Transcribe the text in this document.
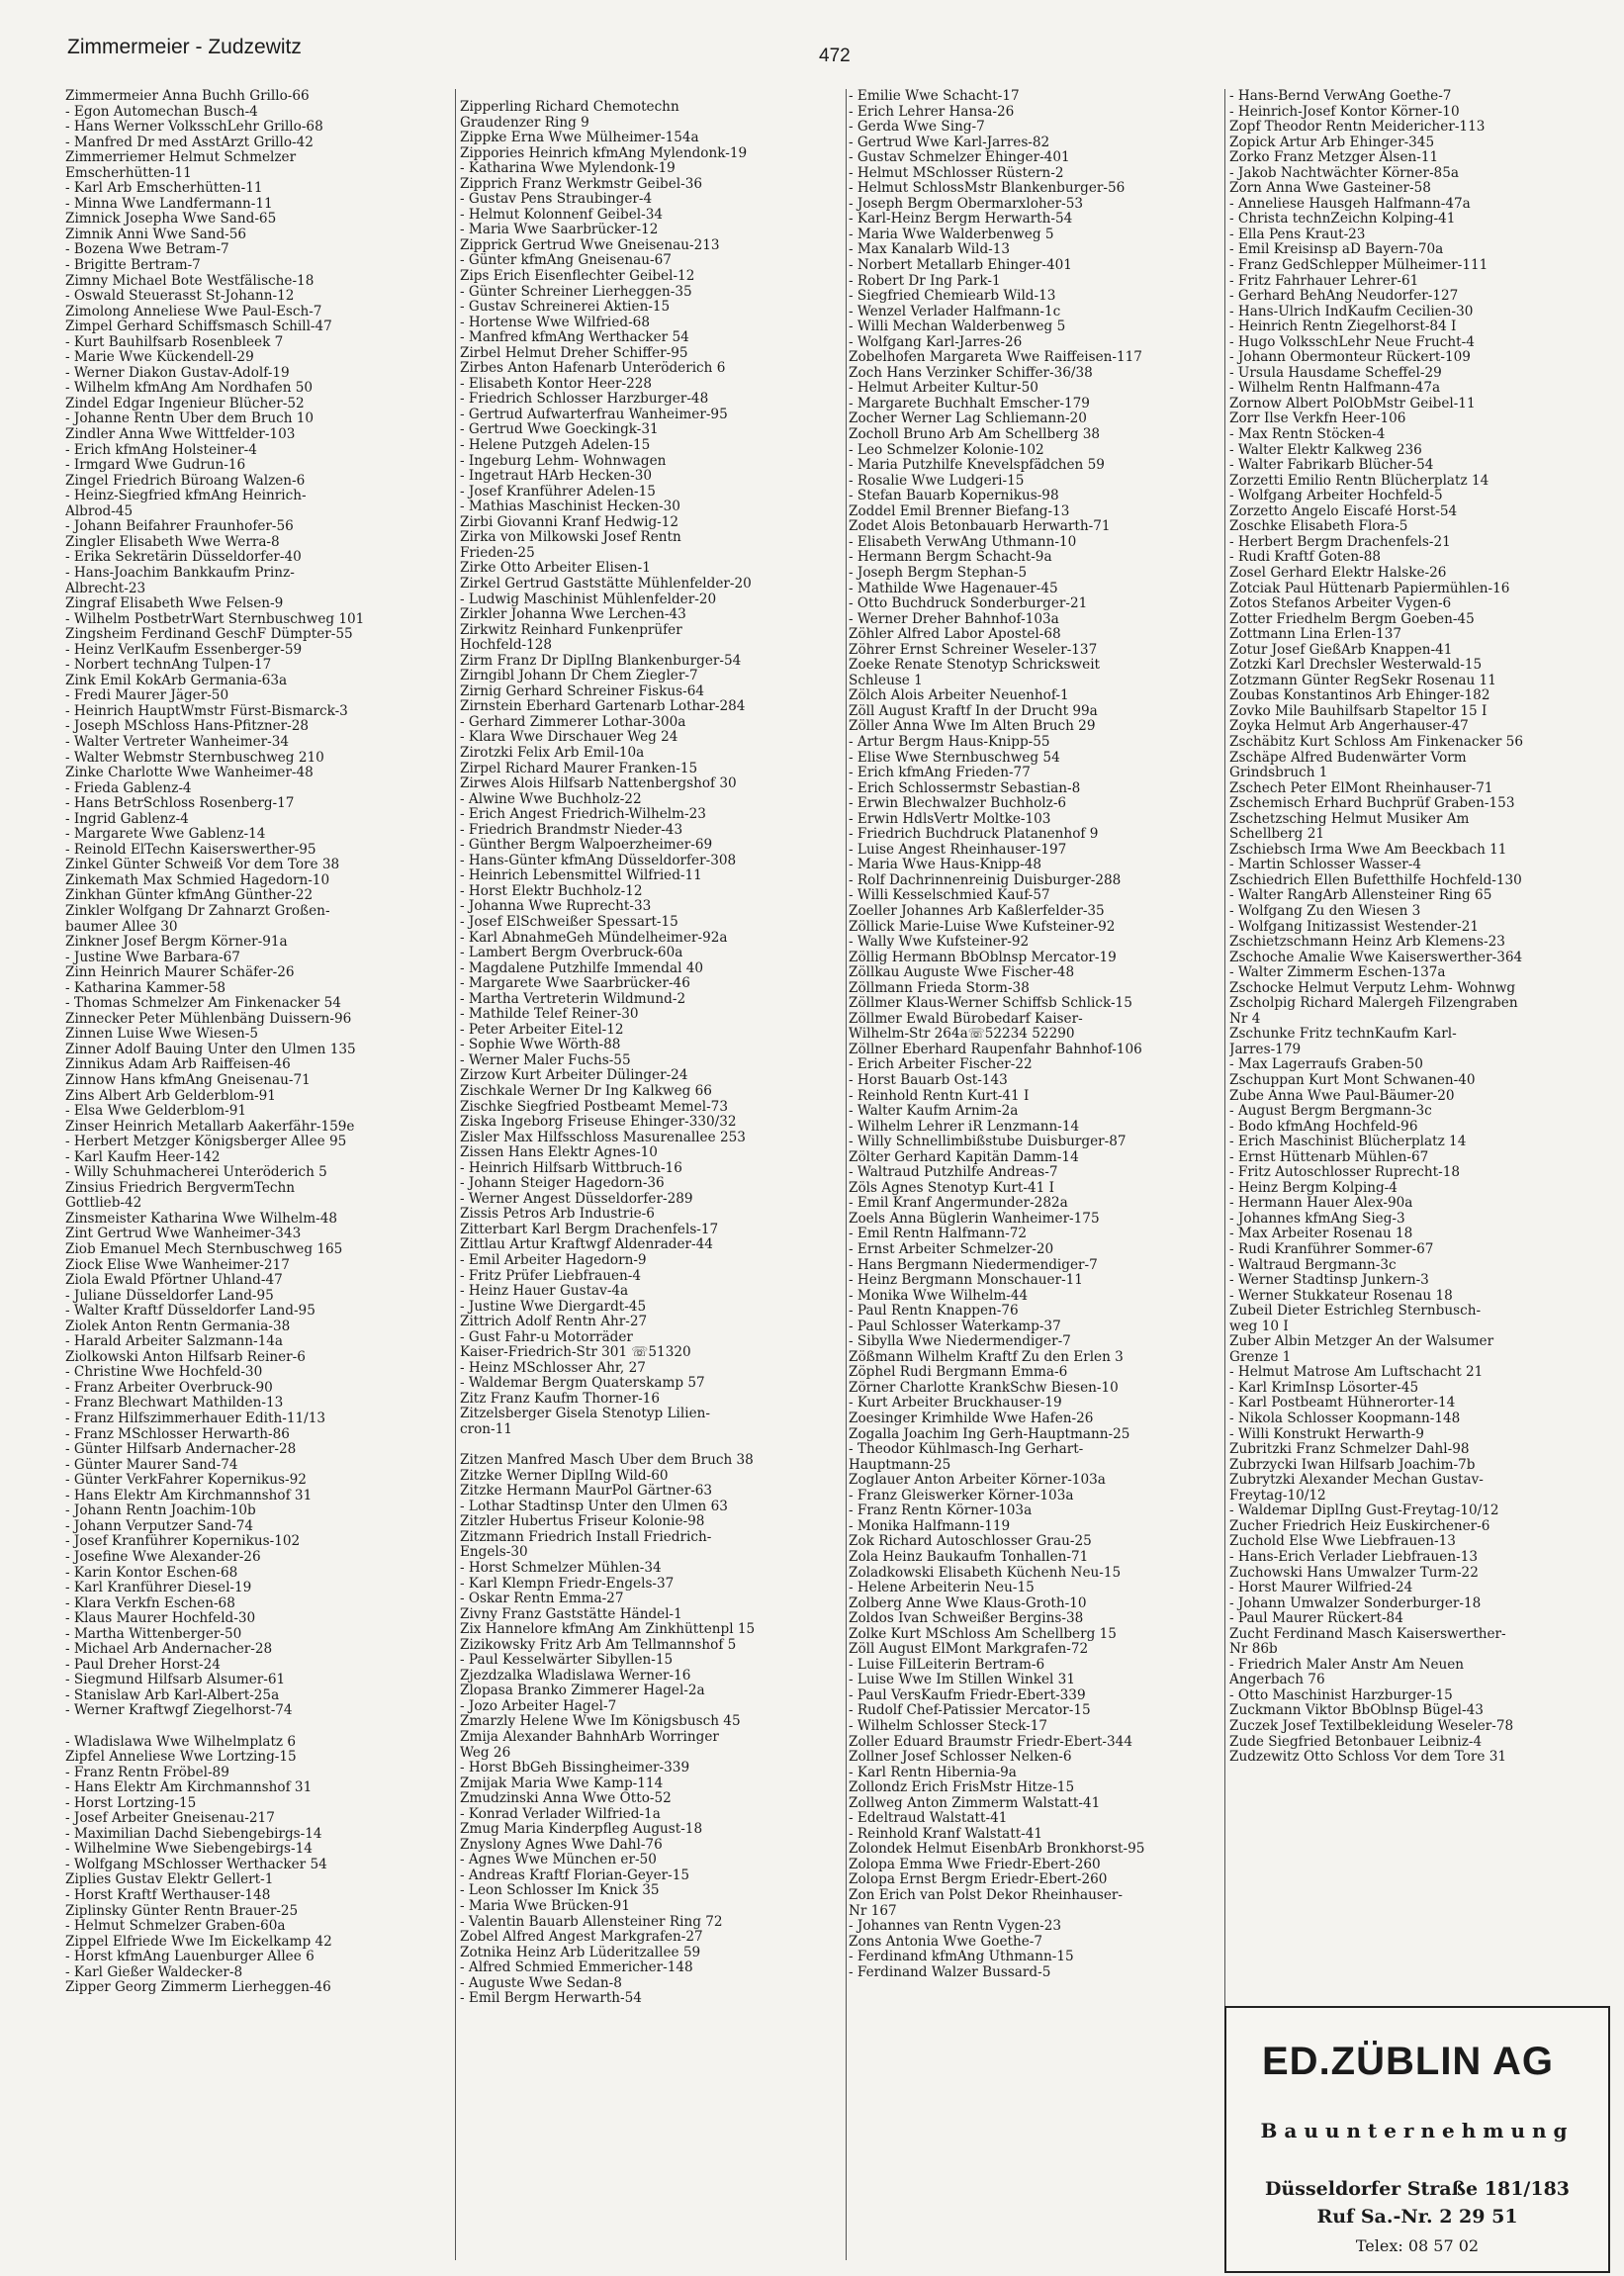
Zimmermeier - Zudzewitz	472
Zimmermeier Anna Buchh Grillo-66
- Egon Automechan Busch-4
- Hans Werner VolksschLehr Grillo-68
- Manfred Dr med AsstArzt Grillo-42
Zimmerriemer Helmut Schmelzer
Emscherhütten-11
- Karl Arb Emscherhütten-11
- Minna Wwe Landfermann-11
Zimnick Josepha Wwe Sand-65
Zimnik Anni Wwe Sand-56
- Bozena Wwe Betram-7
- Brigitte Bertram-7
Zimny Michael Bote Westfälische-18
- Oswald Steuerasst St-Johann-12
Zimolong Anneliese Wwe Paul-Esch-7
Zimpel Gerhard Schiffsmasch Schill-47
- Kurt Bauhilfsarb Rosenbleek 7
- Marie Wwe Kückendell-29
- Werner Diakon Gustav-Adolf-19
- Wilhelm kfmAng Am Nordhafen 50
Zindel Edgar Ingenieur Blücher-52
- Johanne Rentn Über dem Bruch 10
Zindler Anna Wwe Wittfelder-103
- Erich kfmAng Holsteiner-4
- Irmgard Wwe Gudrun-16
Zingel Friedrich Büroang Walzen-6
- Heinz-Siegfried kfmAng Heinrich-
Albrod-45
- Johann Beifahrer Fraunhofer-56
Zingler Elisabeth Wwe Werra-8
- Erika Sekretärin Düsseldorfer-40
- Hans-Joachim Bankkaufm Prinz-
Albrecht-23
Zingraf Elisabeth Wwe Felsen-9
- Wilhelm PostbetrWart Sternbuschweg 101
Zingsheim Ferdinand GeschF Dümpter-55
- Heinz VerlKaufm Essenberger-59
- Norbert technAng Tulpen-17
Zink Emil KokArb Germania-63a
- Fredi Maurer Jäger-50
- Heinrich HauptWmstr Fürst-Bismarck-3
- Joseph MSchloss Hans-Pfitzner-28
- Walter Vertreter Wanheimer-34
- Walter Webmstr Sternbuschweg 210
Zinke Charlotte Wwe Wanheimer-48
- Frieda Gablenz-4
- Hans BetrSchloss Rosenberg-17
- Ingrid Gablenz-4
- Margarete Wwe Gablenz-14
- Reinold ElTechn Kaiserswerther-95
Zinkel Günter Schweiß Vor dem Tore 38
Zinkemath Max Schmied Hagedorn-10
Zinkhan Günter kfmAng Günther-22
Zinkler Wolfgang Dr Zahnarzt Großen-
baumer Allee 30
Zinkner Josef Bergm Körner-91a
- Justine Wwe Barbara-67
Zinn Heinrich Maurer Schäfer-26
- Katharina Kammer-58
- Thomas Schmelzer Am Finkenacker 54
Zinnecker Peter Mühlenbäng Duissern-96
Zinnen Luise Wwe Wiesen-5
Zinner Adolf Bauing Unter den Ulmen 135
Zinnikus Adam Arb Raiffeisen-46
Zinnow Hans kfmAng Gneisenau-71
Zins Albert Arb Gelderblom-91
- Elsa Wwe Gelderblom-91
Zinser Heinrich Metallarb Aakerfähr-159e
- Herbert Metzger Königsberger Allee 95
- Karl Kaufm Heer-142
- Willy Schuhmacherei Unteröderich 5
Zinsius Friedrich BergvermTechn
Gottlieb-42
Zinsmeister Katharina Wwe Wilhelm-48
Zint Gertrud Wwe Wanheimer-343
Ziob Emanuel Mech Sternbuschweg 165
Ziock Elise Wwe Wanheimer-217
Ziola Ewald Pförtner Uhland-47
- Juliane Düsseldorfer Land-95
- Walter Kraftf Düsseldorfer Land-95
Ziolek Anton Rentn Germania-38
- Harald Arbeiter Salzmann-14a
Ziolkowski Anton Hilfsarb Reiner-6
- Christine Wwe Hochfeld-30
- Franz Arbeiter Overbruck-90
- Franz Blechwart Mathilden-13
- Franz Hilfszimmerhauer Edith-11/13
- Franz MSchlosser Herwarth-86
- Günter Hilfsarb Andernacher-28
- Günter Maurer Sand-74
- Günter VerkFahrer Kopernikus-92
- Hans Elektr Am Kirchmannshof 31
- Johann Rentn Joachim-10b
- Johann Verputzer Sand-74
- Josef Kranführer Kopernikus-102
- Josefine Wwe Alexander-26
- Karin Kontor Eschen-68
- Karl Kranführer Diesel-19
- Klara Verkfn Eschen-68
- Klaus Maurer Hochfeld-30
- Martha Wittenberger-50
- Michael Arb Andernacher-28
- Paul Dreher Horst-24
- Siegmund Hilfsarb Alsumer-61
- Stanislaw Arb Karl-Albert-25a
- Werner Kraftwgf Ziegelhorst-74

- Wladislawa Wwe Wilhelmplatz 6
Zipfel Anneliese Wwe Lortzing-15
- Franz Rentn Fröbel-89
- Hans Elektr Am Kirchmannshof 31
- Horst Lortzing-15
- Josef Arbeiter Gneisenau-217
- Maximilian Dachd Siebengebirgs-14
- Wilhelmine Wwe Siebengebirgs-14
- Wolfgang MSchlosser Werthacker 54
Ziplies Gustav Elektr Gellert-1
- Horst Kraftf Werthauser-148
Ziplinsky Günter Rentn Brauer-25
- Helmut Schmelzer Graben-60a
Zippel Elfriede Wwe Im Eickelkamp 42
- Horst kfmAng Lauenburger Allee 6
- Karl Gießer Waldecker-8
Zipper Georg Zimmerm Lierheggen-46
Zipperling Richard Chemotechn
Graudenzer Ring 9
Zippke Erna Wwe Mülheimer-154a
Zippories Heinrich kfmAng Mylendonk-19
- Katharina Wwe Mylendonk-19
Zipprich Franz Werkmstr Geibel-36
- Gustav Pens Straubinger-4
- Helmut Kolonnenf Geibel-34
- Maria Wwe Saarbrücker-12
Zipprick Gertrud Wwe Gneisenau-213
- Günter kfmAng Gneisenau-67
Zips Erich Eisenflechter Geibel-12
- Günter Schreiner Lierheggen-35
- Gustav Schreinerei Aktien-15
- Hortense Wwe Wilfried-68
- Manfred kfmAng Werthacker 54
Zirbel Helmut Dreher Schiffer-95
Zirbes Anton Hafenarb Unteröderich 6
- Elisabeth Kontor Heer-228
- Friedrich Schlosser Harzburger-48
- Gertrud Aufwarterfrau Wanheimer-95
- Gertrud Wwe Goeckingk-31
- Helene Putzgeh Adelen-15
- Ingeburg Lehm- Wohnwagen
- Ingetraut HArb Hecken-30
- Josef Kranführer Adelen-15
- Mathias Maschinist Hecken-30
Zirbi Giovanni Kranf Hedwig-12
Zirka von Milkowski Josef Rentn
Frieden-25
Zirke Otto Arbeiter Elisen-1
Zirkel Gertrud Gaststätte Mühlenfelder-20
- Ludwig Maschinist Mühlenfelder-20
Zirkler Johanna Wwe Lerchen-43
Zirkwitz Reinhard Funkenprüfer
Hochfeld-128
Zirm Franz Dr DiplIng Blankenburger-54
Zirngibl Johann Dr Chem Ziegler-7
Zirnig Gerhard Schreiner Fiskus-64
Zirnstein Eberhard Gartenarb Lothar-284
- Gerhard Zimmerer Lothar-300a
- Klara Wwe Dirschauer Weg 24
Zirotzki Felix Arb Emil-10a
Zirpel Richard Maurer Franken-15
Zirwes Alois Hilfsarb Nattenbergshof 30
- Alwine Wwe Buchholz-22
- Erich Angest Friedrich-Wilhelm-23
- Friedrich Brandmstr Nieder-43
- Günther Bergm Walpoerzheimer-69
- Hans-Günter kfmAng Düsseldorfer-308
- Heinrich Lebensmittel Wilfried-11
- Horst Elektr Buchholz-12
- Johanna Wwe Ruprecht-33
- Josef ElSchweißer Spessart-15
- Karl AbnahmeGeh Mündelheimer-92a
- Lambert Bergm Overbruck-60a
- Magdalene Putzhilfe Immendal 40
- Margarete Wwe Saarbrücker-46
- Martha Vertreterin Wildmund-2
- Mathilde Telef Reiner-30
- Peter Arbeiter Eitel-12
- Sophie Wwe Wörth-88
- Werner Maler Fuchs-55
Zirzow Kurt Arbeiter Dülinger-24
Zischkale Werner Dr Ing Kalkweg 66
Zischke Siegfried Postbeamt Memel-73
Ziska Ingeborg Friseuse Ehinger-330/32
Zisler Max Hilfsschloss Masurenallee 253
Zissen Hans Elektr Agnes-10
- Heinrich Hilfsarb Wittbruch-16
- Johann Steiger Hagedorn-36
- Werner Angest Düsseldorfer-289
Zissis Petros Arb Industrie-6
Zitterbart Karl Bergm Drachenfels-17
Zittlau Artur Kraftwgf Aldenrader-44
- Emil Arbeiter Hagedorn-9
- Fritz Prüfer Liebfrauen-4
- Heinz Hauer Gustav-4a
- Justine Wwe Diergardt-45
Zittrich Adolf Rentn Ahr-27
- Gust Fahr-u Motorräder
Kaiser-Friedrich-Str 301 ☏51320
- Heinz MSchlosser Ahr, 27
- Waldemar Bergm Quaterskamp 57
Zitz Franz Kaufm Thorner-16
Zitzelsberger Gisela Stenotyp Lilien-
cron-11

Zitzen Manfred Masch Über dem Bruch 38
Zitzke Werner DiplIng Wild-60
Zitzke Hermann MaurPol Gärtner-63
- Lothar Stadtinsp Unter den Ulmen 63
Zitzler Hubertus Friseur Kolonie-98
Zitzmann Friedrich Install Friedrich-
Engels-30
- Horst Schmelzer Mühlen-34
- Karl Klempn Friedr-Engels-37
- Oskar Rentn Emma-27
Zivny Franz Gaststätte Händel-1
Zix Hannelore kfmAng Am Zinkhüttenpl 15
Zizikowsky Fritz Arb Am Tellmannshof 5
- Paul Kesselwärter Sibyllen-15
Zjezdzalka Wladislawa Werner-16
Zlopasa Branko Zimmerer Hagel-2a
- Jozo Arbeiter Hagel-7
Zmarzly Helene Wwe Im Königsbusch 45
Zmija Alexander BahnhArb Worringer
Weg 26
- Horst BbGeh Bissingheimer-339
Zmijak Maria Wwe Kamp-114
Zmudzinski Anna Wwe Otto-52
- Konrad Verlader Wilfried-1a
Zmug Maria Kinderpfleg August-18
Znyslony Agnes Wwe Dahl-76
- Agnes Wwe München er-50
- Andreas Kraftf Florian-Geyer-15
- Leon Schlosser Im Knick 35
- Maria Wwe Brücken-91
- Valentin Bauarb Allensteiner Ring 72
Zobel Alfred Angest Markgrafen-27
Zotnika Heinz Arb Lüderitzallee 59
- Alfred Schmied Emmericher-148
- Auguste Wwe Sedan-8
- Emil Bergm Herwarth-54
- Emilie Wwe Schacht-17
- Erich Lehrer Hansa-26
- Gerda Wwe Sing-7
- Gertrud Wwe Karl-Jarres-82
- Gustav Schmelzer Ehinger-401
- Helmut MSchlosser Rüstern-2
- Helmut SchlossMstr Blankenburger-56
- Joseph Bergm Obermarxloher-53
- Karl-Heinz Bergm Herwarth-54
- Maria Wwe Walderbenweg 5
- Max Kanalarb Wild-13
- Norbert Metallarb Ehinger-401
- Robert Dr Ing Park-1
- Siegfried Chemiearb Wild-13
- Wenzel Verlader Halfmann-1c
- Willi Mechan Walderbenweg 5
- Wolfgang Karl-Jarres-26
Zobelhofen Margareta Wwe Raiffeisen-117
Zoch Hans Verzinker Schiffer-36/38
- Helmut Arbeiter Kultur-50
- Margarete Buchhalt Emscher-179
Zocher Werner Lag Schliemann-20
Zocholl Bruno Arb Am Schellberg 38
- Leo Schmelzer Kolonie-102
- Maria Putzhilfe Knevelspfädchen 59
- Rosalie Wwe Ludgeri-15
- Stefan Bauarb Kopernikus-98
Zoddel Emil Brenner Biefang-13
Zodet Alois Betonbauarb Herwarth-71
- Elisabeth VerwAng Uthmann-10
- Hermann Bergm Schacht-9a
- Joseph Bergm Stephan-5
- Mathilde Wwe Hagenauer-45
- Otto Buchdruck Sonderburger-21
- Werner Dreher Bahnhof-103a
Zöhler Alfred Labor Apostel-68
Zöhrer Ernst Schreiner Weseler-137
Zoeke Renate Stenotyp Schricksweit
Schleuse 1
Zölch Alois Arbeiter Neuenhof-1
Zöll August Kraftf In der Drucht 99a
Zöller Anna Wwe Im Alten Bruch 29
- Artur Bergm Haus-Knipp-55
- Elise Wwe Sternbuschweg 54
- Erich kfmAng Frieden-77
- Erich Schlossermstr Sebastian-8
- Erwin Blechwalzer Buchholz-6
- Erwin HdlsVertr Moltke-103
- Friedrich Buchdruck Platanenhof 9
- Luise Angest Rheinhauser-197
- Maria Wwe Haus-Knipp-48
- Rolf Dachrinnenreinig Duisburger-288
- Willi Kesselschmied Kauf-57
Zoeller Johannes Arb Kaßlerfelder-35
Zöllick Marie-Luise Wwe Kufsteiner-92
- Wally Wwe Kufsteiner-92
Zöllig Hermann BbOblnsp Mercator-19
Zöllkau Auguste Wwe Fischer-48
Zöllmann Frieda Storm-38
Zöllmer Klaus-Werner Schiffsb Schlick-15
Zöllmer Ewald Bürobedarf Kaiser-
Wilhelm-Str 264a☏52234 52290
Zöllner Eberhard Raupenfahr Bahnhof-106
- Erich Arbeiter Fischer-22
- Horst Bauarb Ost-143
- Reinhold Rentn Kurt-41 I
- Walter Kaufm Arnim-2a
- Wilhelm Lehrer iR Lenzmann-14
- Willy Schnellimbißstube Duisburger-87
Zölter Gerhard Kapitän Damm-14
- Waltraud Putzhilfe Andreas-7
Zöls Agnes Stenotyp Kurt-41 I
- Emil Kranf Angermunder-282a
Zoels Anna Büglerin Wanheimer-175
- Emil Rentn Halfmann-72
- Ernst Arbeiter Schmelzer-20
- Hans Bergmann Niedermendiger-7
- Heinz Bergmann Monschauer-11
- Monika Wwe Wilhelm-44
- Paul Rentn Knappen-76
- Paul Schlosser Waterkamp-37
- Sibylla Wwe Niedermendiger-7
Zößmann Wilhelm Kraftf Zu den Erlen 3
Zöphel Rudi Bergmann Emma-6
Zörner Charlotte KrankSchw Biesen-10
- Kurt Arbeiter Bruckhauser-19
Zoesinger Krimhilde Wwe Hafen-26
Zogalla Joachim Ing Gerh-Hauptmann-25
- Theodor Kühlmasch-Ing Gerhart-
Hauptmann-25
Zoglauer Anton Arbeiter Körner-103a
- Franz Gleiswerker Körner-103a
- Franz Rentn Körner-103a
- Monika Halfmann-119
Zok Richard Autoschlosser Grau-25
Zola Heinz Baukaufm Tonhallen-71
Zoladkowski Elisabeth Küchenh Neu-15
- Helene Arbeiterin Neu-15
Zolberg Änne Wwe Klaus-Groth-10
Zoldos Ivan Schweißer Bergins-38
Zolke Kurt MSchloss Am Schellberg 15
Zöll August ElMont Markgrafen-72
- Luise FilLeiterin Bertram-6
- Luise Wwe Im Stillen Winkel 31
- Paul VersKaufm Friedr-Ebert-339
- Rudolf Chef-Patissier Mercator-15
- Wilhelm Schlosser Steck-17
Zoller Eduard Braumstr Friedr-Ebert-344
Zollner Josef Schlosser Nelken-6
- Karl Rentn Hibernia-9a
Zollondz Erich FrisMstr Hitze-15
Zollweg Anton Zimmerm Walstatt-41
- Edeltraud Walstatt-41
- Reinhold Kranf Walstatt-41
Zolondek Helmut EisenbArb Bronkhorst-95
Zolopa Emma Wwe Friedr-Ebert-260
Zolopa Ernst Bergm Eriedr-Ebert-260
Zon Erich van Polst Dekor Rheinhauser-
Nr 167
- Johannes van Rentn Vygen-23
Zons Antonia Wwe Goethe-7
- Ferdinand kfmAng Uthmann-15
- Ferdinand Walzer Bussard-5
- Hans-Bernd VerwAng Goethe-7
- Heinrich-Josef Kontor Körner-10
Zopf Theodor Rentn Meidericher-113
Zopick Artur Arb Ehinger-345
Zorko Franz Metzger Alsen-11
- Jakob Nachtwächter Körner-85a
Zorn Anna Wwe Gasteiner-58
- Anneliese Hausgeh Halfmann-47a
- Christa technZeichn Kolping-41
- Ella Pens Kraut-23
- Emil Kreisinsp aD Bayern-70a
- Franz GedSchlepper Mülheimer-111
- Fritz Fahrhauer Lehrer-61
- Gerhard BehAng Neudorfer-127
- Hans-Ulrich IndKaufm Cecilien-30
- Heinrich Rentn Ziegelhorst-84 I
- Hugo VolksschLehr Neue Frucht-4
- Johann Obermonteur Rückert-109
- Ursula Hausdame Scheffel-29
- Wilhelm Rentn Halfmann-47a
Zornow Albert PolObMstr Geibel-11
Zorr Ilse Verkfn Heer-106
- Max Rentn Stöcken-4
- Walter Elektr Kalkweg 236
- Walter Fabrikarb Blücher-54
Zorzetti Emilio Rentn Blücherplatz 14
- Wolfgang Arbeiter Hochfeld-5
Zorzetto Angelo Eiscafé Horst-54
Zoschke Elisabeth Flora-5
- Herbert Bergm Drachenfels-21
- Rudi Kraftf Goten-88
Zosel Gerhard Elektr Halske-26
Zotciak Paul Hüttenarb Papiermühlen-16
Zotos Stefanos Arbeiter Vygen-6
Zotter Friedhelm Bergm Goeben-45
Zottmann Lina Erlen-137
Zotur Josef GießArb Knappen-41
Zotzki Karl Drechsler Westerwald-15
Zotzmann Günter RegSekr Rosenau 11
Zoubas Konstantinos Arb Ehinger-182
Zovko Mile Bauhilfsarb Stapeltor 15 I
Zoyka Helmut Arb Angerhauser-47
Zschäbitz Kurt Schloss Am Finkenacker 56
Zschäpe Alfred Budenwärter Vorm
Grindsbruch 1
Zschech Peter ElMont Rheinhauser-71
Zschemisch Erhard Buchprüf Graben-153
Zschetzsching Helmut Musiker Am
Schellberg 21
Zschiebsch Irma Wwe Am Beeckbach 11
- Martin Schlosser Wasser-4
Zschiedrich Ellen Bufetthilfe Hochfeld-130
- Walter RangArb Allensteiner Ring 65
- Wolfgang Zu den Wiesen 3
- Wolfgang Initizassist Westender-21
Zschietzschmann Heinz Arb Klemens-23
Zschoche Amalie Wwe Kaiserswerther-364
- Walter Zimmerm Eschen-137a
Zschocke Helmut Verputz Lehm- Wohnwg
Zscholpig Richard Malergeh Filzengraben
Nr 4
Zschunke Fritz technKaufm Karl-
Jarres-179
- Max Lagerraufs Graben-50
Zschuppan Kurt Mont Schwanen-40
Zube Anna Wwe Paul-Bäumer-20
- August Bergm Bergmann-3c
- Bodo kfmAng Hochfeld-96
- Erich Maschinist Blücherplatz 14
- Ernst Hüttenarb Mühlen-67
- Fritz Autoschlosser Ruprecht-18
- Heinz Bergm Kolping-4
- Hermann Hauer Alex-90a
- Johannes kfmAng Sieg-3
- Max Arbeiter Rosenau 18
- Rudi Kranführer Sommer-67
- Waltraud Bergmann-3c
- Werner Stadtinsp Junkern-3
- Werner Stukkateur Rosenau 18
Zubeil Dieter Estrichleg Sternbusch-
weg 10 I
Zuber Albin Metzger An der Walsumer
Grenze 1
- Helmut Matrose Am Luftschacht 21
- Karl KrimInsp Lösorter-45
- Karl Postbeamt Hühnerorter-14
- Nikola Schlosser Koopmann-148
- Willi Konstrukt Herwarth-9
Zubritzki Franz Schmelzer Dahl-98
Zubrzycki Iwan Hilfsarb Joachim-7b
Zubrytzki Alexander Mechan Gustav-
Freytag-10/12
- Waldemar DiplIng Gust-Freytag-10/12
Zucher Friedrich Heiz Euskirchener-6
Zuchold Else Wwe Liebfrauen-13
- Hans-Erich Verlader Liebfrauen-13
Zuchowski Hans Umwalzer Turm-22
- Horst Maurer Wilfried-24
- Johann Umwalzer Sonderburger-18
- Paul Maurer Rückert-84
Zucht Ferdinand Masch Kaiserswerther-
Nr 86b
- Friedrich Maler Anstr Am Neuen
Angerbach 76
- Otto Maschinist Harzburger-15
Zuckmann Viktor BbOblnsp Bügel-43
Zuczek Josef Textilbekleidung Weseler-78
Zude Siegfried Betonbauer Leibniz-4
Zudzewitz Otto Schloss Vor dem Tore 31
ED.ZÜBLIN AG
Bauunternehmung
Düsseldorfer Straße 181/183
Ruf Sa.-Nr. 2 29 51
Telex: 08 57 02
